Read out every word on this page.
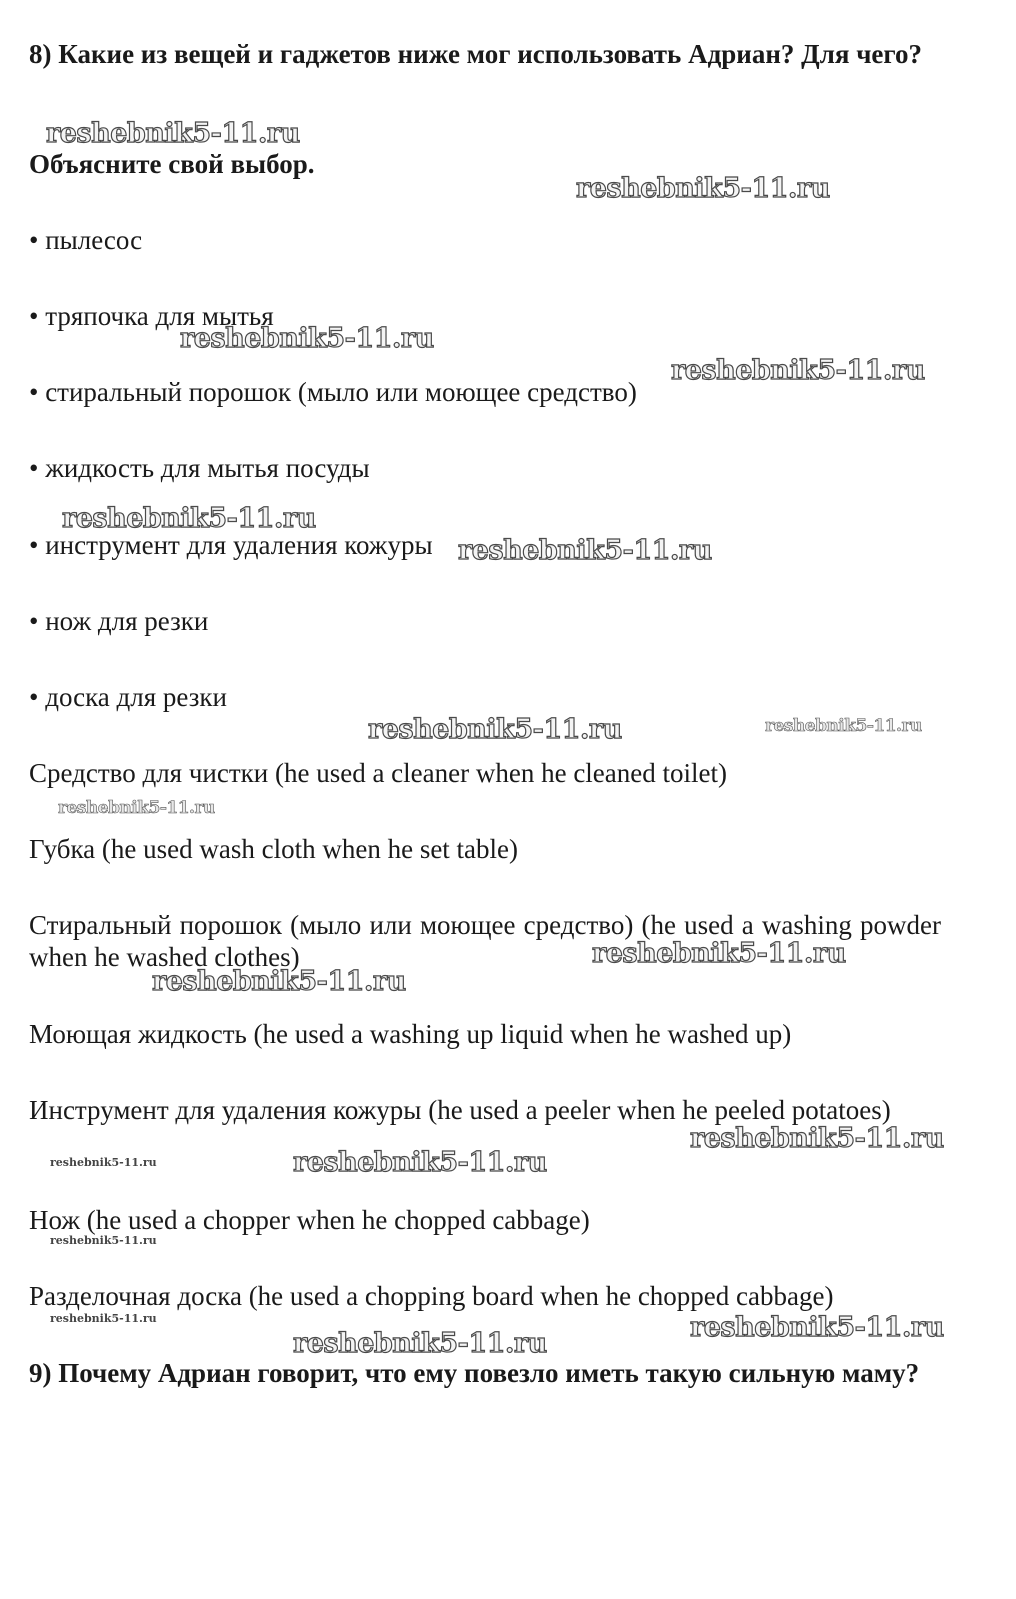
8) Какие из вещей и гаджетов ниже мог использовать Адриан? Для чего?

Объясните свой выбор.

• пылесос

• тряпочка для мытья

• стиральный порошок (мыло или моющее средство)

• жидкость для мытья посуды

• инструмент для удаления кожуры

• нож для резки

• доска для резки

Средство для чистки (he used a cleaner when he cleaned toilet)

Губка (he used wash cloth when he set table)

Стиральный порошок (мыло или моющее средство) (he used a washing powder when he washed clothes)

Моющая жидкость (he used a washing up liquid when he washed up)

Инструмент для удаления кожуры (he used a peeler when he peeled potatoes)

Нож (he used a chopper when he chopped cabbage)

Разделочная доска (he used a chopping board when he chopped cabbage)

9) Почему Адриан говорит, что ему повезло иметь такую сильную маму?

reshebnik5-11.ru
reshebnik5-11.ru
reshebnik5-11.ru
reshebnik5-11.ru
reshebnik5-11.ru
reshebnik5-11.ru
reshebnik5-11.ru	reshebnik5-11.ru
reshebnik5-11.ru
reshebnik5-11.ru
reshebnik5-11.ru
reshebnik5-11.ru
reshebnik5-11.ru	reshebnik5-11.ru
reshebnik5-11.ru
reshebnik5-11.ru	reshebnik5-11.ru
reshebnik5-11.ru
